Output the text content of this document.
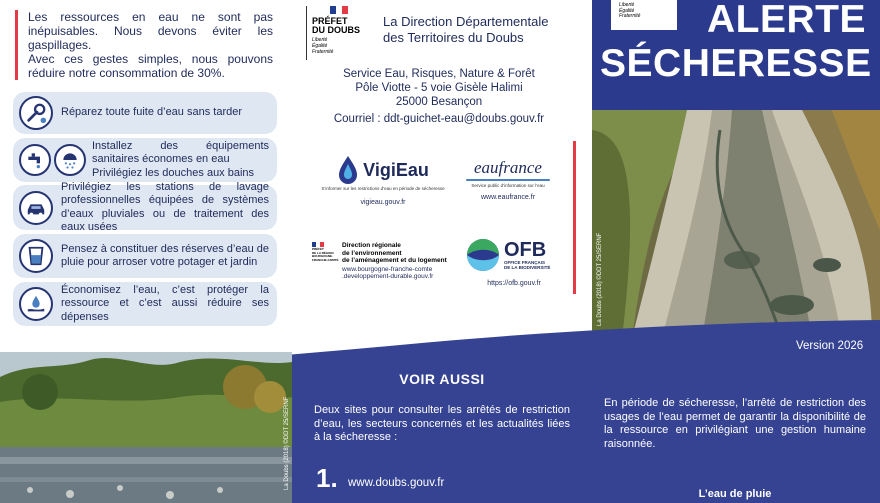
Les ressources en eau ne sont pas inépuisables. Nous devons éviter les gaspillages.

Avec ces gestes simples, nous pouvons réduire notre consommation de 30%.

Réparez toute fuite d’eau sans tarder
Installez des équipements sanitaires économes en eau
Privilégiez les douches aux bains
Privilégiez les stations de lavage professionnelles équipées de systèmes d’eaux pluviales ou de traitement des eaux usées
Pensez à constituer des réserves d’eau de pluie pour arroser votre potager et jardin
Économisez l’eau, c’est protéger la ressource et c’est aussi réduire ses dépenses
PRÉFET
DU DOUBS
Liberté
Égalité
Fraternité
La Direction Départementale
des Territoires du Doubs
Service Eau, Risques, Nature & Forêt
Pôle Viotte - 5 voie Gisèle Halimi
25000 Besançon
Courriel : ddt-guichet-eau@doubs.gouv.fr
VigiEau
S’informer sur les restrictions d’eau en période de sécheresse
vigieau.gouv.fr
eaufrance
Service public d’information sur l’eau
www.eaufrance.fr
PRÉFET
DE LA RÉGION
BOURGOGNE-
FRANCHE-COMTÉ
Direction régionale
de l’environnement
de l’aménagement et du logement
www.bourgogne-franche-comte
.developpement-durable.gouv.fr
OFB
OFFICE FRANÇAIS
DE LA BIODIVERSITÉ
https://ofb.gouv.fr
Liberté
Égalité
Fraternité	ALERTE
SÉCHERESSE
La Doubs (2018) ©DDT 25/SERNF
La Doubs (2018) ©DDT 25/SERNF
Version 2026
VOIR AUSSI
Deux sites pour consulter les arrêtés de restriction d’eau, les secteurs concernés et les actualités liées à la sécheresse :
1. www.doubs.gouv.fr
En période de sécheresse, l’arrêté de restriction des usages de l’eau permet de garantir la disponibilité de la ressource en privilégiant une gestion humaine raisonnée.
L’eau de pluie
